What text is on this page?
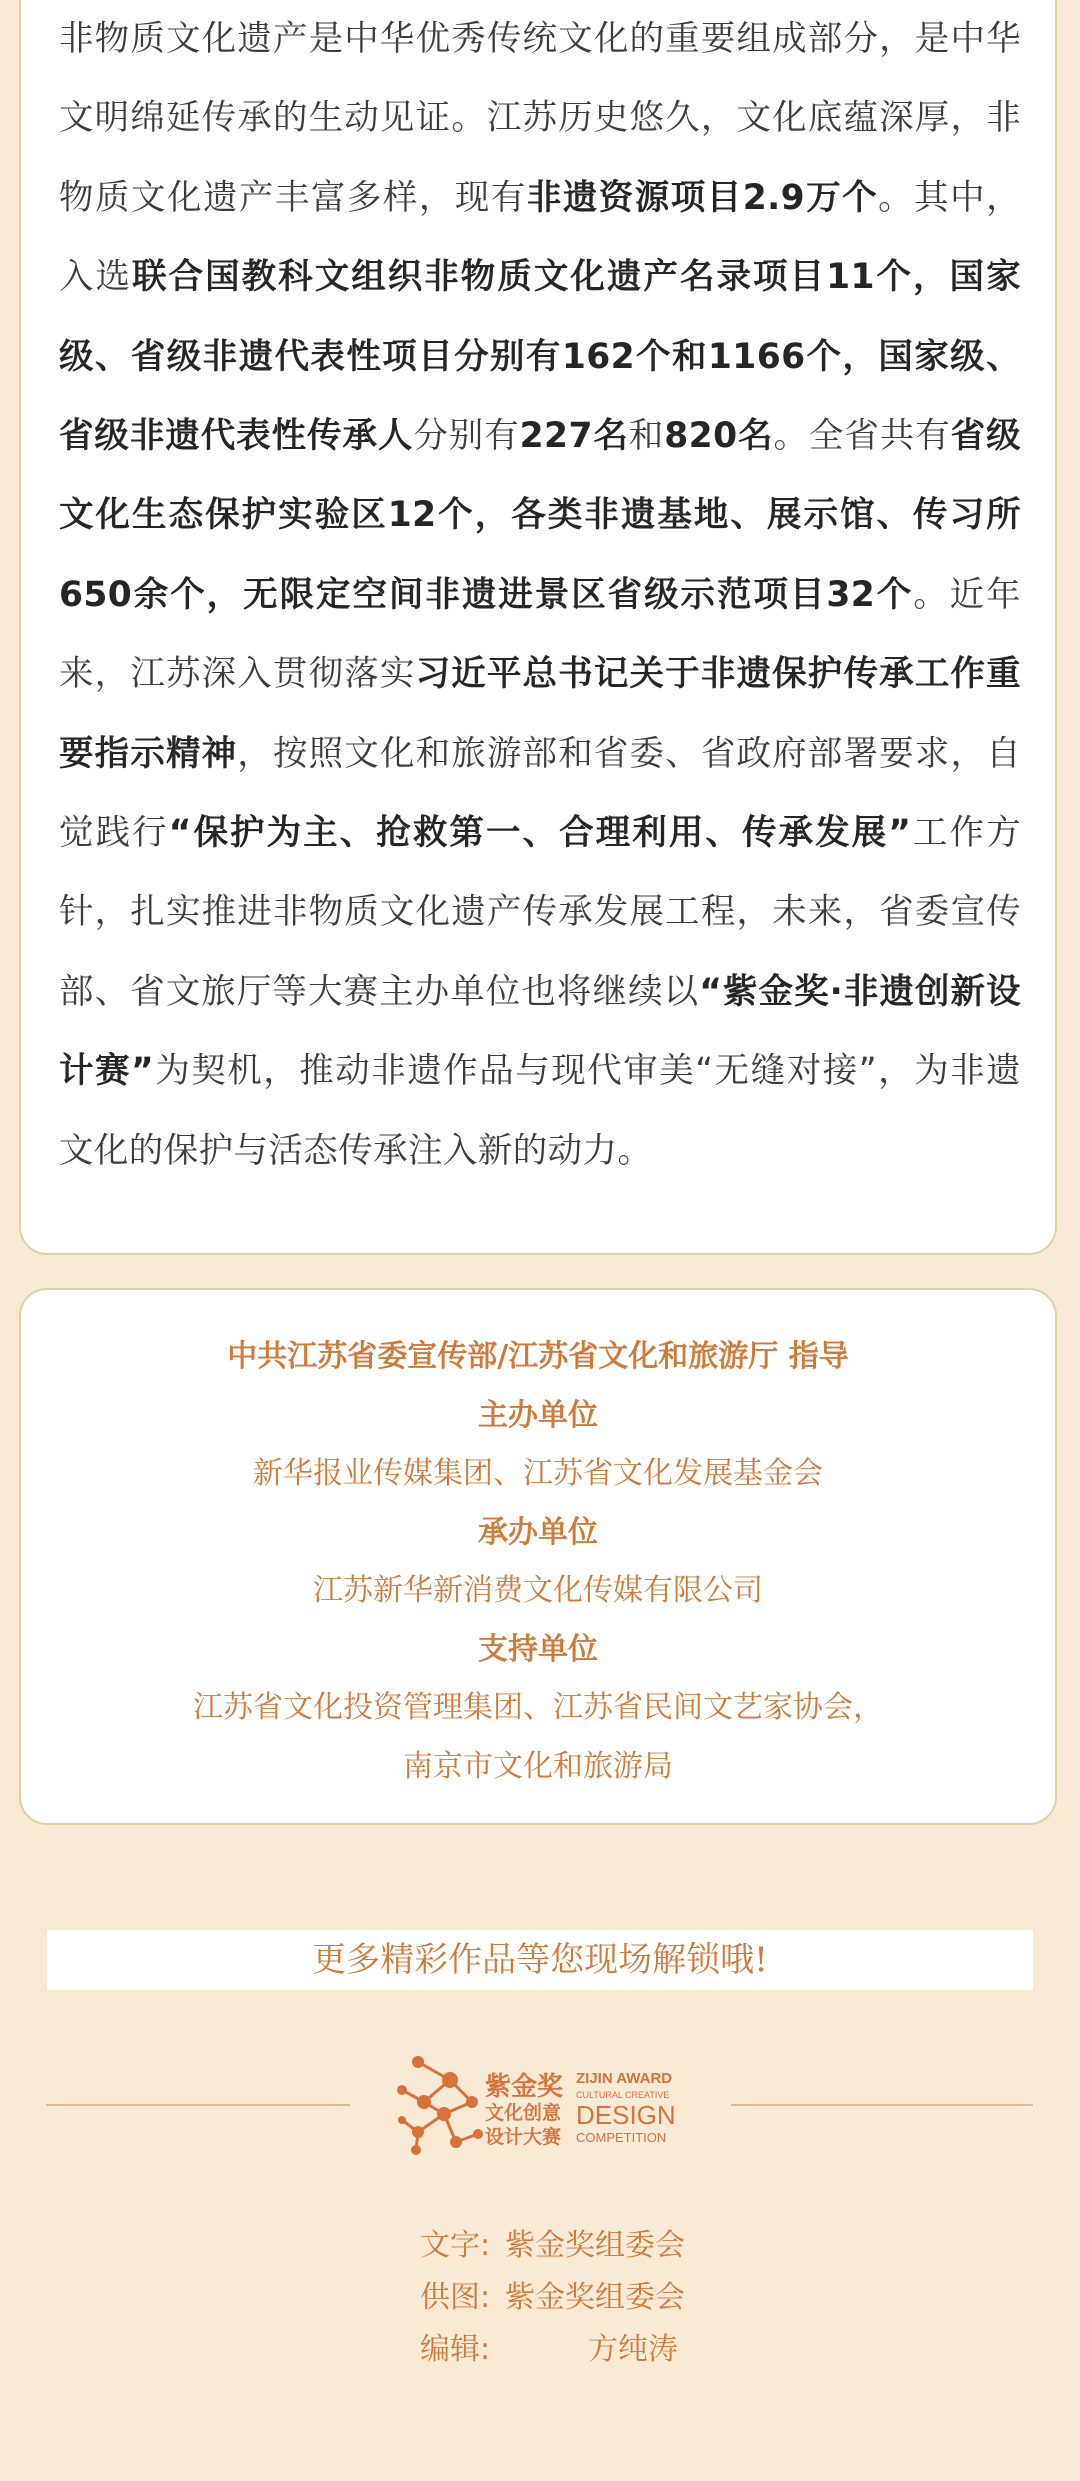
非物质文化遗产是中华优秀传统文化的重要组成部分，是中华文明绵延传承的生动见证。江苏历史悠久，文化底蕴深厚，非物质文化遗产丰富多样，现有非遗资源项目2.9万个。其中，入选联合国教科文组织非物质文化遗产名录项目11个，国家级、省级非遗代表性项目分别有162个和1166个，国家级、省级非遗代表性传承人分别有227名和820名。全省共有省级文化生态保护实验区12个，各类非遗基地、展示馆、传习所650余个，无限定空间非遗进景区省级示范项目32个。近年来，江苏深入贯彻落实习近平总书记关于非遗保护传承工作重要指示精神，按照文化和旅游部和省委、省政府部署要求，自觉践行“保护为主、抢救第一、合理利用、传承发展”工作方针，扎实推进非物质文化遗产传承发展工程，未来，省委宣传部、省文旅厅等大赛主办单位也将继续以“紫金奖·非遗创新设计赛”为契机，推动非遗作品与现代审美“无缝对接”，为非遗文化的保护与活态传承注入新的动力。
中共江苏省委宣传部/江苏省文化和旅游厅 指导
主办单位
新华报业传媒集团、江苏省文化发展基金会
承办单位
江苏新华新消费文化传媒有限公司
支持单位
江苏省文化投资管理集团、江苏省民间文艺家协会，
南京市文化和旅游局
更多精彩作品等您现场解锁哦!
紫金奖
文化创意
设计大赛
ZIJIN AWARD
CULTURAL CREATIVE
DESIGN
COMPETITION
文字: 紫金奖组委会
供图: 紫金奖组委会
编辑:	方纯涛
